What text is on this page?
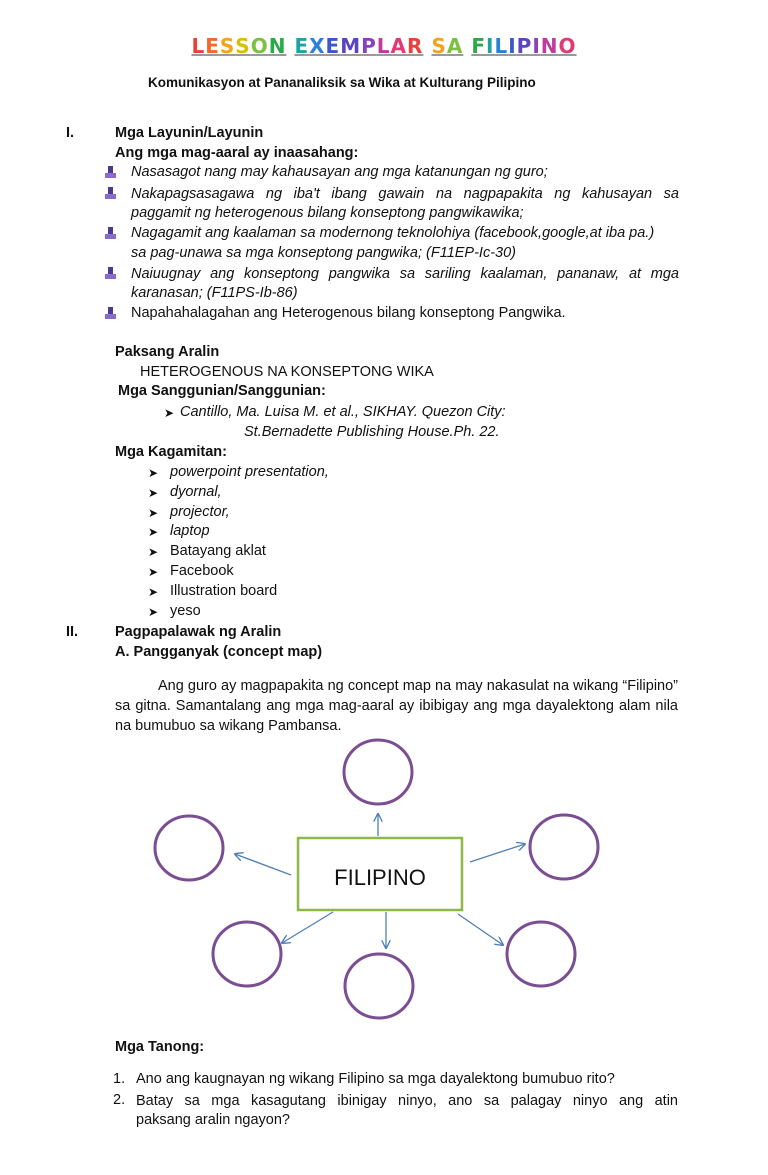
LESSON EXEMPLAR SA FILIPINO
Komunikasyon at Pananaliksik sa Wika at Kulturang Pilipino
I.	Mga Layunin/Layunin
Ang mga mag-aaral ay inaasahang:
Nasasagot nang may kahausayan ang mga katanungan ng guro;
Nakapagsasagawa ng iba't ibang gawain na nagpapakita ng kahusayan sa
paggamit ng heterogenous bilang konseptong pangwikawika;
Nagagamit ang kaalaman sa modernong teknolohiya (facebook,google,at iba pa.)
sa pag-unawa sa mga konseptong pangwika; (F11EP-Ic-30)
Naiuugnay ang konseptong pangwika sa sariling kaalaman, pananaw, at mga
karanasan; (F11PS-Ib-86)
Napahahalagahan ang Heterogenous bilang konseptong Pangwika.
Paksang Aralin
HETEROGENOUS NA KONSEPTONG WIKA
Mga Sanggunian/Sanggunian:
➤ Cantillo, Ma. Luisa M. et al., SIKHAY. Quezon City:
St.Bernadette Publishing House.Ph. 22.
Mga Kagamitan:
➤ powerpoint presentation,
➤ dyornal,
➤ projector,
➤ laptop
➤ Batayang aklat
➤ Facebook
➤ Illustration board
➤ yeso
II.	Pagpapalawak ng Aralin
A. Pangganyak (concept map)
Ang guro ay magpapakita ng concept map na may nakasulat na wikang “Filipino” sa gitna. Samantalang ang mga mag-aaral ay ibibigay ang mga dayalektong alam nila na bumubuo sa wikang Pambansa.
FILIPINO
Mga Tanong:
1. Ano ang kaugnayan ng wikang Filipino sa mga dayalektong bumubuo rito?
2. Batay sa mga kasagutang ibinigay ninyo, ano sa palagay ninyo ang atin
paksang aralin ngayon?
